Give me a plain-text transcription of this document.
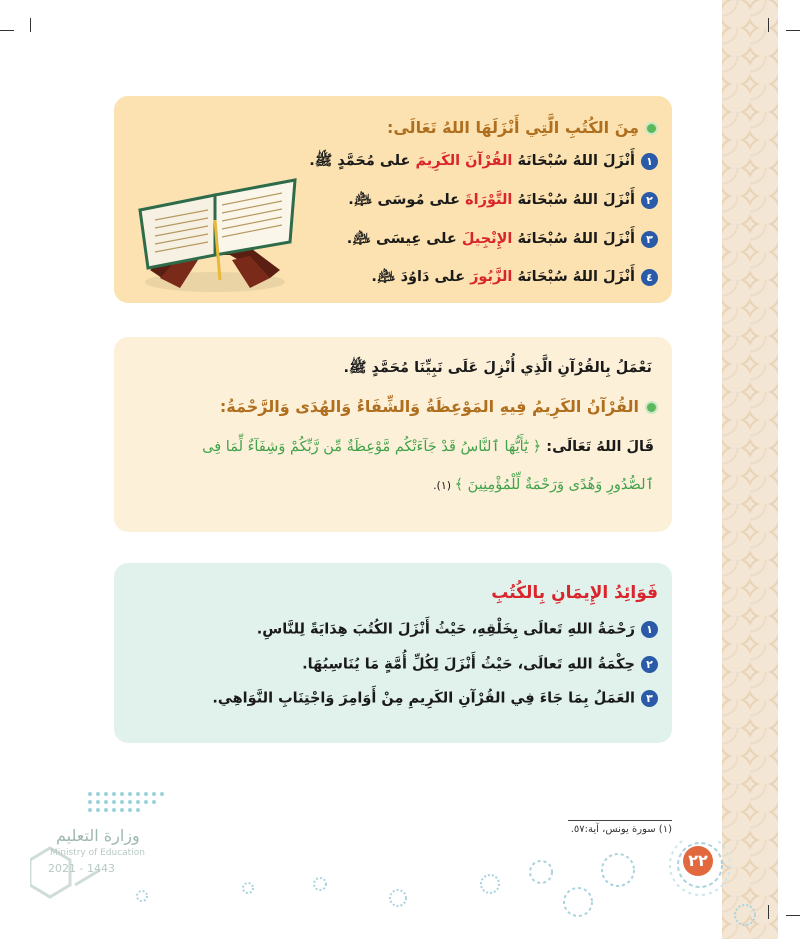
مِنَ الكُتُبِ الَّتِي أَنْزَلَهَا اللهُ تَعَالَى:
١أَنْزَلَ اللهُ سُبْحَانَهُ القُرْآنَ الكَرِيمَ على مُحَمَّدٍ ﷺ.
٢أَنْزَلَ اللهُ سُبْحَانَهُ التَّوْرَاةَ على مُوسَى ﵇.
٣أَنْزَلَ اللهُ سُبْحَانَهُ الإِنْجِيلَ على عِيسَى ﵇.
٤أَنْزَلَ اللهُ سُبْحَانَهُ الزَّبُورَ على دَاوُدَ ﵇.
نَعْمَلُ بِالقُرْآنِ الَّذِي أُنْزِلَ عَلَى نَبِيِّنَا مُحَمَّدٍ ﷺ.
القُرْآنُ الكَرِيمُ فِيهِ المَوْعِظَةُ وَالشِّفَاءُ وَالهُدَى وَالرَّحْمَةُ:
قَالَ اللهُ تَعَالَى: ﴿ يَٰٓأَيُّهَا ٱلنَّاسُ قَدْ جَآءَتْكُم مَّوْعِظَةٌ مِّن رَّبِّكُمْ وَشِفَآءٌ لِّمَا فِى
ٱلصُّدُورِ وَهُدًى وَرَحْمَةٌ لِّلْمُؤْمِنِينَ ﴾ (١).
فَوَائِدُ الإِيمَانِ بِالكُتُبِ
١رَحْمَةُ اللهِ تَعالَى بِخَلْقِهِ، حَيْثُ أَنْزَلَ الكُتُبَ هِدَايَةً لِلنَّاسِ.
٢حِكْمَةُ اللهِ تَعالَى، حَيْثُ أَنْزَلَ لِكُلِّ أُمَّةٍ مَا يُنَاسِبُهَا.
٣العَمَلُ بِمَا جَاءَ فِي القُرْآنِ الكَرِيمِ مِنْ أَوَامِرَ وَاجْتِنَابِ النَّوَاهِي.
(١) سورة يونس، آية:٥٧.
٢٢
وزارة التعليم
Ministry of Education
2021 - 1443
